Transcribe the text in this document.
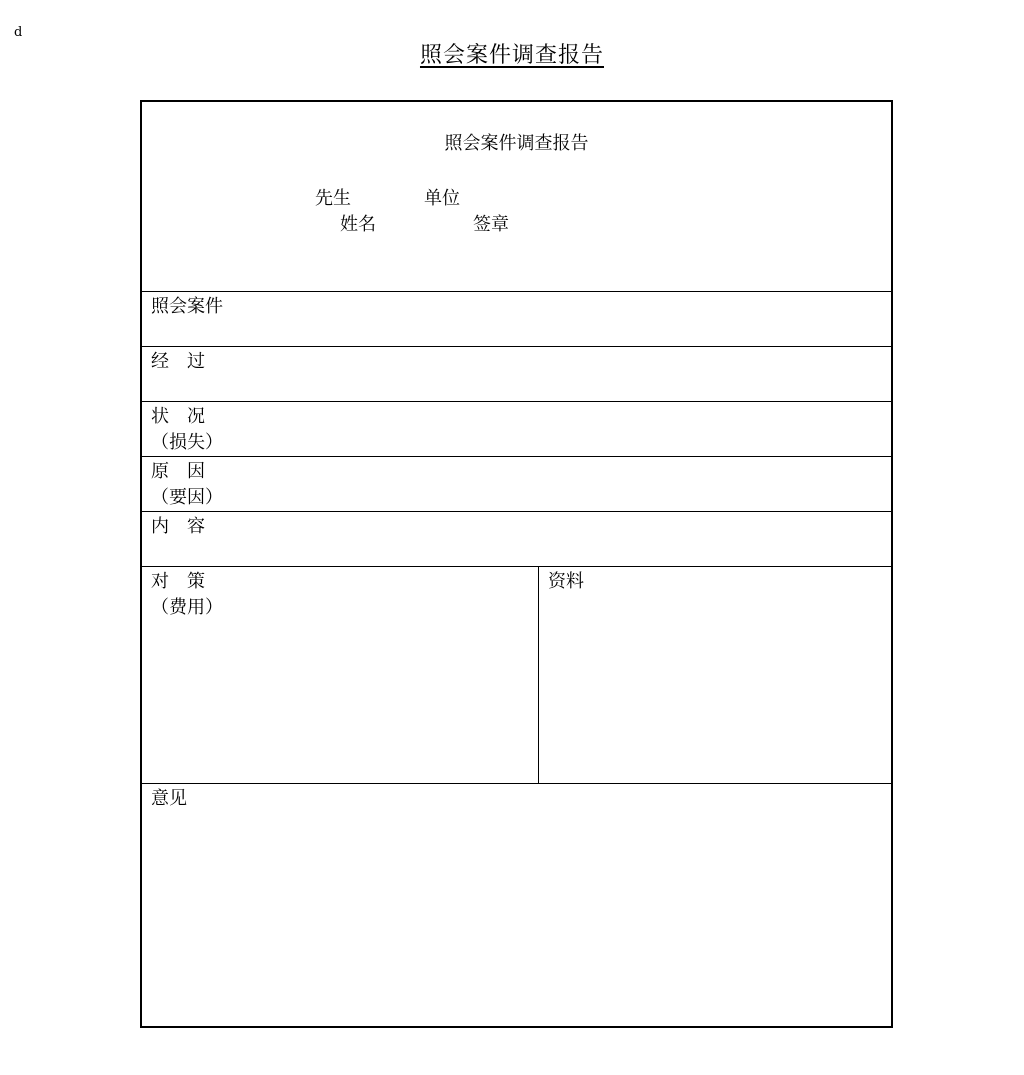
d
照会案件调查报告
照会案件调查报告
先生	单位
姓名	签章
照会案件
经　过
状　况
（损失）
原　因
（要因）
内　容
对　策
（费用）
资料
意见
